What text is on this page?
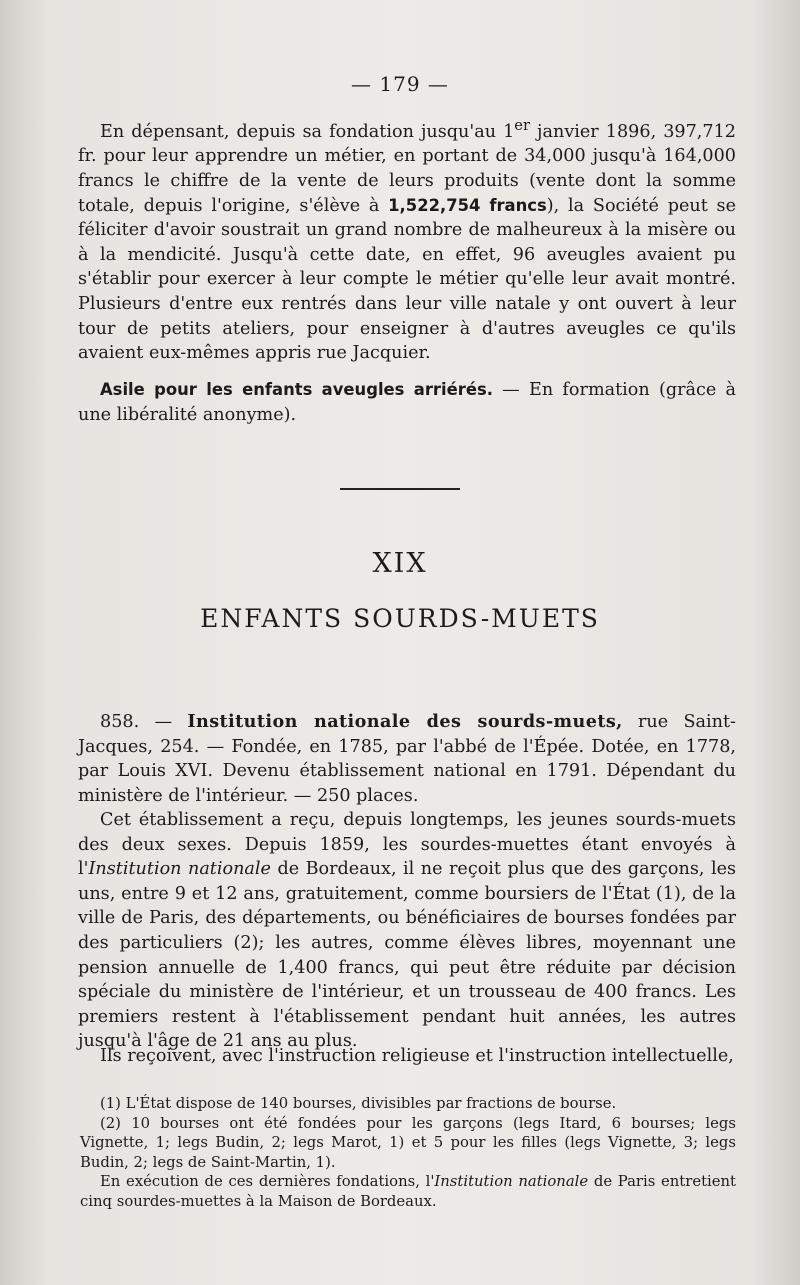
— 179 —

En dépensant, depuis sa fondation jusqu'au 1er janvier 1896, 397,712 fr. pour leur apprendre un métier, en portant de 34,000 jusqu'à 164,000 francs le chiffre de la vente de leurs produits (vente dont la somme totale, depuis l'origine, s'élève à 1,522,754 francs), la Société peut se féliciter d'avoir soustrait un grand nombre de malheureux à la misère ou à la mendicité. Jusqu'à cette date, en effet, 96 aveugles avaient pu s'établir pour exercer à leur compte le métier qu'elle leur avait montré. Plusieurs d'entre eux rentrés dans leur ville natale y ont ouvert à leur tour de petits ateliers, pour enseigner à d'autres aveugles ce qu'ils avaient eux-mêmes appris rue Jacquier.

Asile pour les enfants aveugles arriérés. — En formation (grâce à une libéralité anonyme).

XIX
ENFANTS SOURDS-MUETS

858. — Institution nationale des sourds-muets, rue Saint-Jacques, 254. — Fondée, en 1785, par l'abbé de l'Épée. Dotée, en 1778, par Louis XVI. Devenu établissement national en 1791. Dépendant du ministère de l'intérieur. — 250 places.

Cet établissement a reçu, depuis longtemps, les jeunes sourds-muets des deux sexes. Depuis 1859, les sourdes-muettes étant envoyés à l'Institution nationale de Bordeaux, il ne reçoit plus que des garçons, les uns, entre 9 et 12 ans, gratuitement, comme boursiers de l'État (1), de la ville de Paris, des départements, ou bénéficiaires de bourses fondées par des particuliers (2); les autres, comme élèves libres, moyennant une pension annuelle de 1,400 francs, qui peut être réduite par décision spéciale du ministère de l'intérieur, et un trousseau de 400 francs. Les premiers restent à l'établissement pendant huit années, les autres jusqu'à l'âge de 21 ans au plus.

Ils reçoivent, avec l'instruction religieuse et l'instruction intellectuelle,

(1) L'État dispose de 140 bourses, divisibles par fractions de bourse.

(2) 10 bourses ont été fondées pour les garçons (legs Itard, 6 bourses; legs Vignette, 1; legs Budin, 2; legs Marot, 1) et 5 pour les filles (legs Vignette, 3; legs Budin, 2; legs de Saint-Martin, 1).

En exécution de ces dernières fondations, l'Institution nationale de Paris entretient cinq sourdes-muettes à la Maison de Bordeaux.
